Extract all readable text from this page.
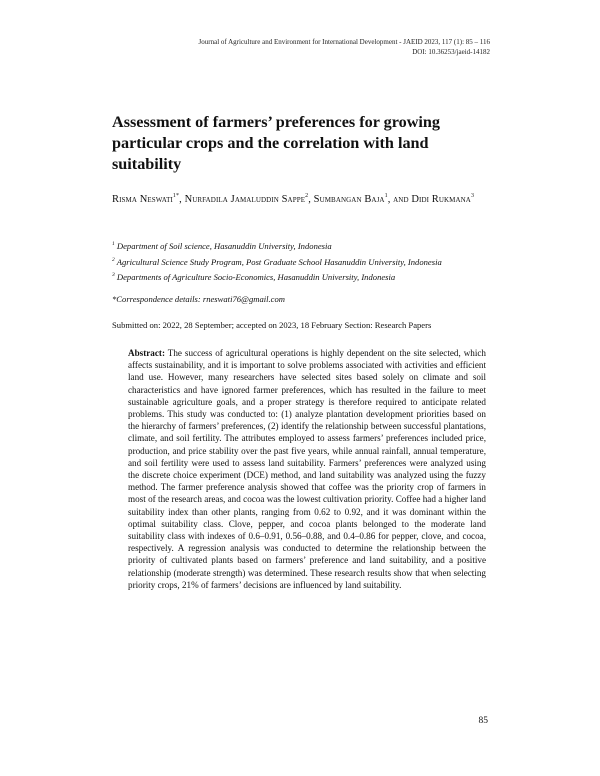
Journal of Agriculture and Environment for International Development - JAEID 2023, 117 (1): 85 – 116
DOI: 10.36253/jaeid-14182
Assessment of farmers’ preferences for growing particular crops and the correlation with land suitability
Risma Neswati$^{1*}$, Nurfadila Jamaluddin Sappe$^2$, Sumbangan Baja$^1$, and Didi Rukmana$^3$
$^1$ Department of Soil science, Hasanuddin University, Indonesia
$^2$ Agricultural Science Study Program, Post Graduate School Hasanuddin University, Indonesia
$^3$ Departments of Agriculture Socio-Economics, Hasanuddin University, Indonesia
*Correspondence details: rneswati76@gmail.com
Submitted on: 2022, 28 September; accepted on 2023, 18 February Section: Research Papers

Abstract: The success of agricultural operations is highly dependent on the site selected, which affects sustainability, and it is important to solve problems associated with activities and efficient land use. However, many researchers have selected sites based solely on climate and soil characteristics and have ignored farmer preferences, which has resulted in the failure to meet sustainable agriculture goals, and a proper strategy is therefore required to anticipate related problems. This study was conducted to: (1) analyze plantation development priorities based on the hierarchy of farmers’ preferences, (2) identify the relationship between successful plantations, climate, and soil fertility. The attributes employed to assess farmers’ preferences included price, production, and price stability over the past five years, while annual rainfall, annual temperature, and soil fertility were used to assess land suitability. Farmers’ preferences were analyzed using the discrete choice experiment (DCE) method, and land suitability was analyzed using the fuzzy method. The farmer preference analysis showed that coffee was the priority crop of farmers in most of the research areas, and cocoa was the lowest cultivation priority. Coffee had a higher land suitability index than other plants, ranging from 0.62 to 0.92, and it was dominant within the optimal suitability class. Clove, pepper, and cocoa plants belonged to the moderate land suitability class with indexes of 0.6–0.91, 0.56–0.88, and 0.4–0.86 for pepper, clove, and cocoa, respectively. A regression analysis was conducted to determine the relationship between the priority of cultivated plants based on farmers’ preference and land suitability, and a positive relationship (moderate strength) was determined. These research results show that when selecting priority crops, 21% of farmers’ decisions are influenced by land suitability.

85
